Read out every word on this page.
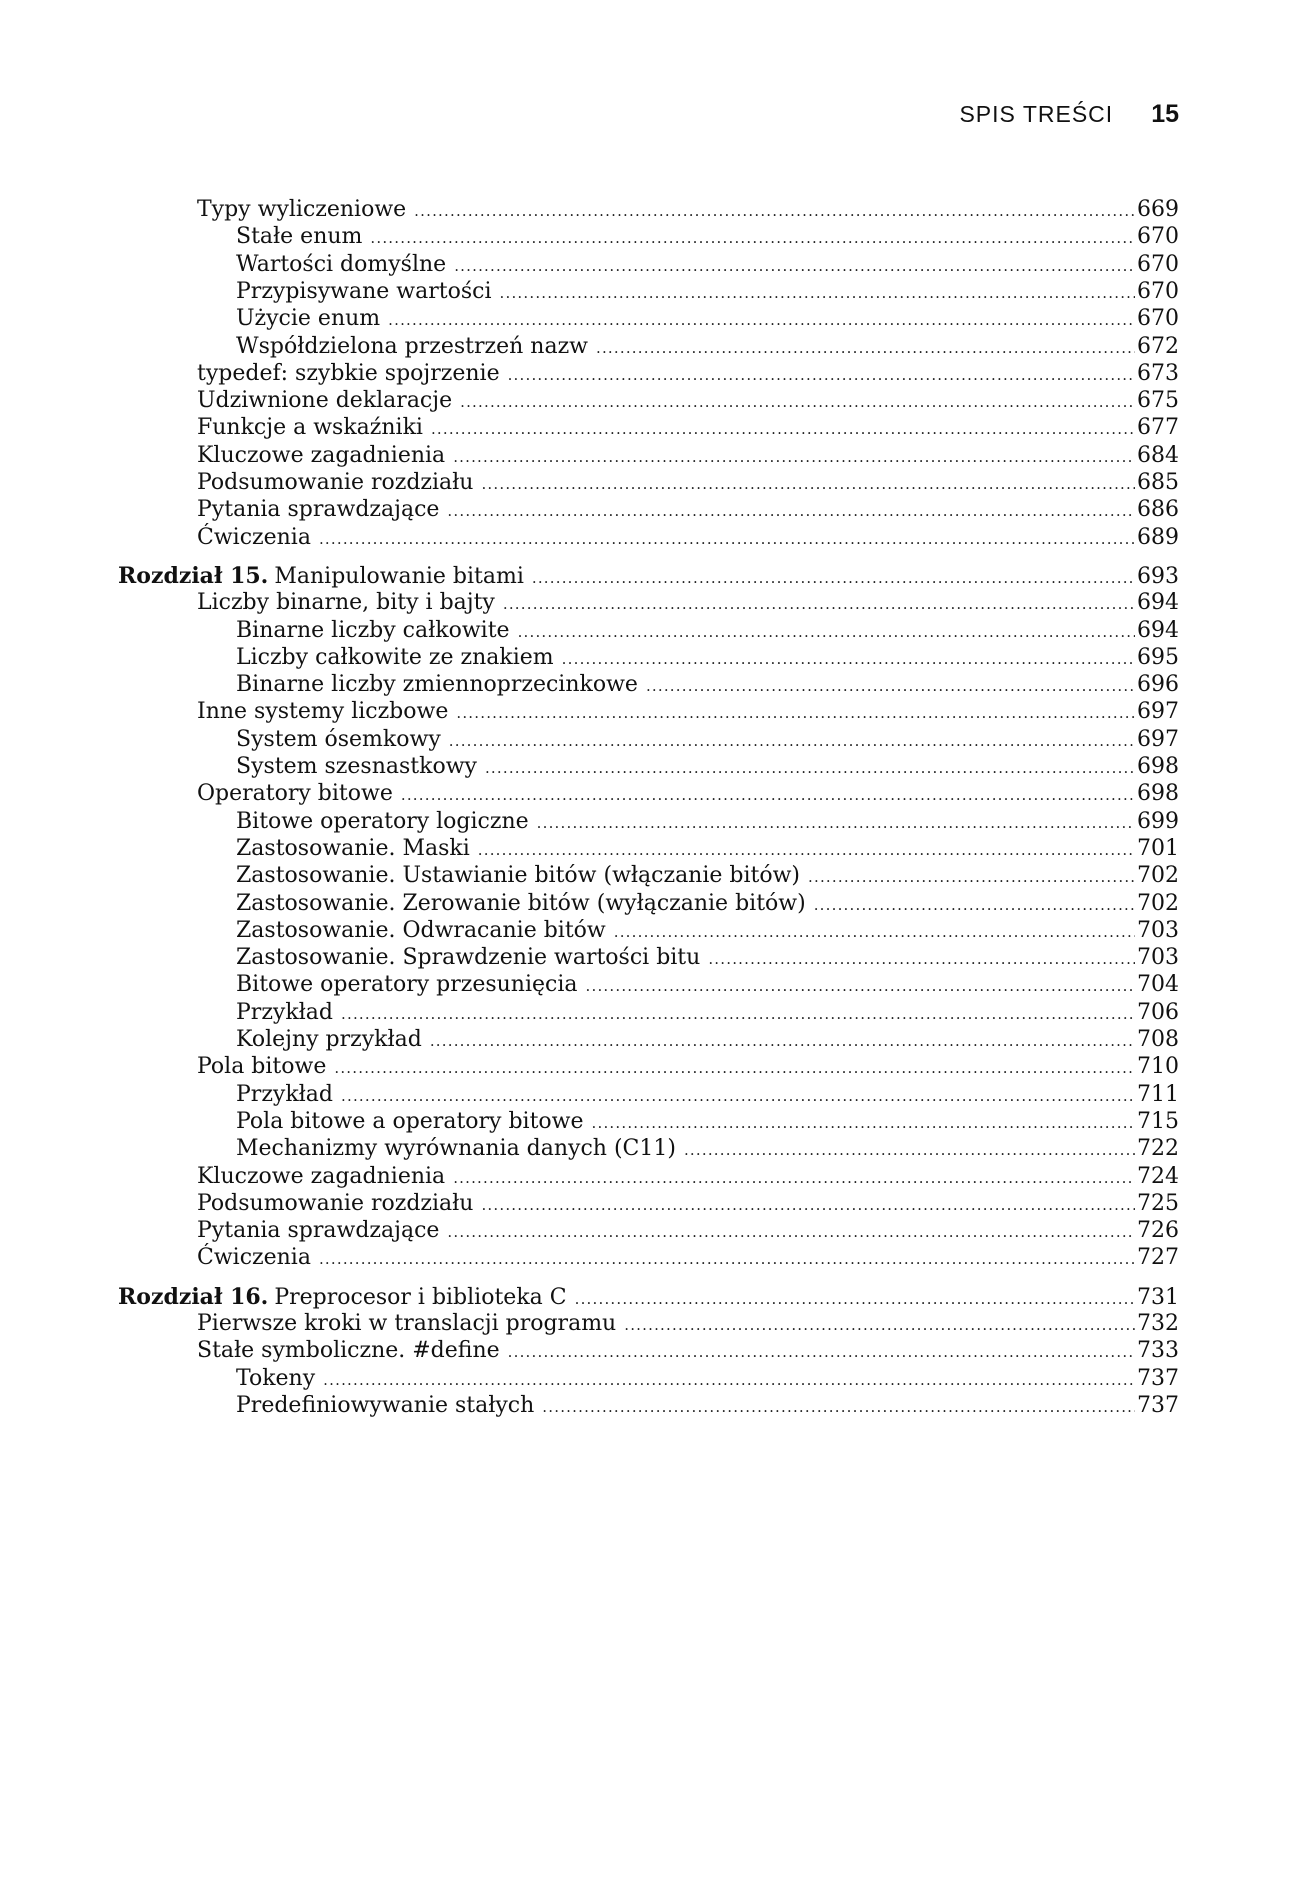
SPIS TREŚCI 15
Typy wyliczeniowe .....	669
Stałe enum .....	670
Wartości domyślne .....	670
Przypisywane wartości .....	670
Użycie enum .....	670
Współdzielona przestrzeń nazw .....	672
typedef: szybkie spojrzenie .....	673
Udziwnione deklaracje .....	675
Funkcje a wskaźniki .....	677
Kluczowe zagadnienia .....	684
Podsumowanie rozdziału .....	685
Pytania sprawdzające .....	686
Ćwiczenia .....	689
Rozdział 15. Manipulowanie bitami .....	693
Liczby binarne, bity i bajty .....	694
Binarne liczby całkowite .....	694
Liczby całkowite ze znakiem .....	695
Binarne liczby zmiennoprzecinkowe .....	696
Inne systemy liczbowe .....	697
System ósemkowy .....	697
System szesnastkowy .....	698
Operatory bitowe .....	698
Bitowe operatory logiczne .....	699
Zastosowanie. Maski .....	701
Zastosowanie. Ustawianie bitów (włączanie bitów) .....	702
Zastosowanie. Zerowanie bitów (wyłączanie bitów) .....	702
Zastosowanie. Odwracanie bitów .....	703
Zastosowanie. Sprawdzenie wartości bitu .....	703
Bitowe operatory przesunięcia .....	704
Przykład .....	706
Kolejny przykład .....	708
Pola bitowe .....	710
Przykład .....	711
Pola bitowe a operatory bitowe .....	715
Mechanizmy wyrównania danych (C11) .....	722
Kluczowe zagadnienia .....	724
Podsumowanie rozdziału .....	725
Pytania sprawdzające .....	726
Ćwiczenia .....	727
Rozdział 16. Preprocesor i biblioteka C .....	731
Pierwsze kroki w translacji programu .....	732
Stałe symboliczne. #define .....	733
Tokeny .....	737
Predefiniowywanie stałych .....	737
